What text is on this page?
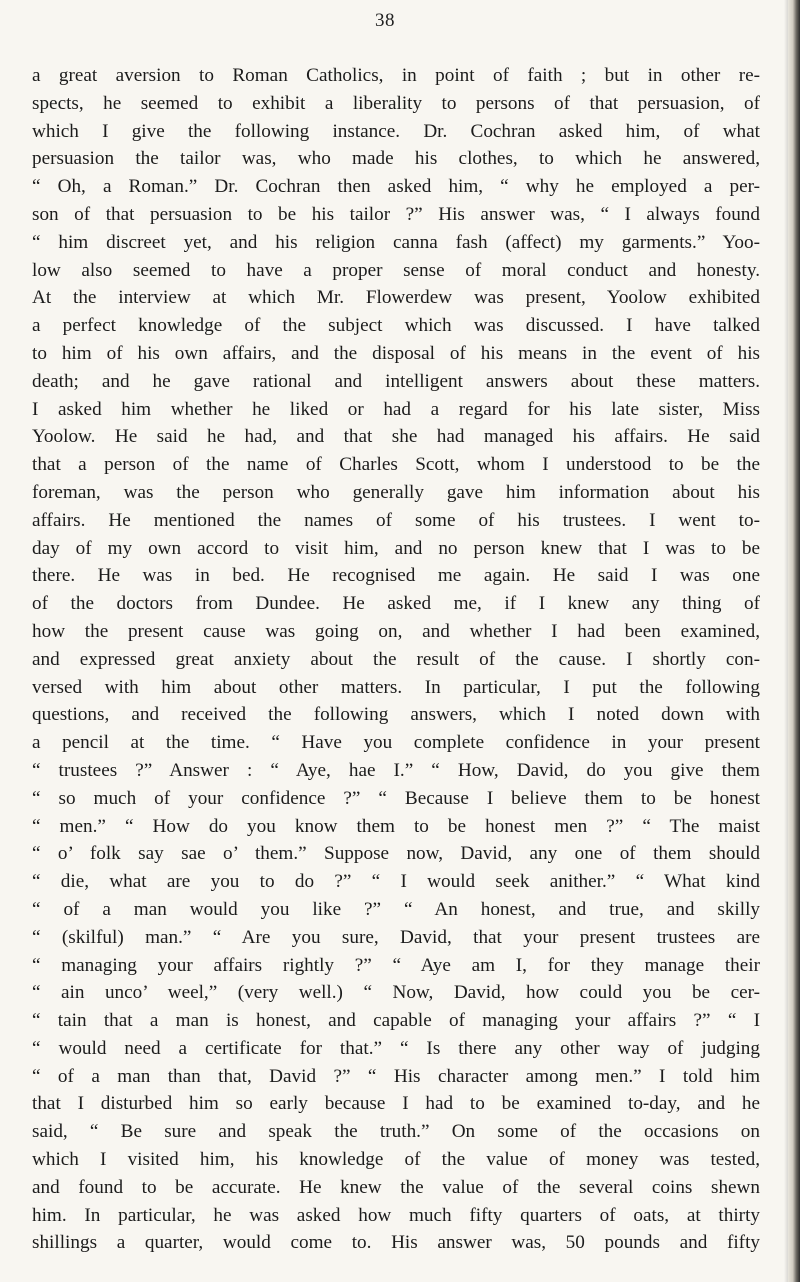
38
a great aversion to Roman Catholics, in point of faith ; but in other re-
spects, he seemed to exhibit a liberality to persons of that persuasion, of
which I give the following instance. Dr. Cochran asked him, of what
persuasion the tailor was, who made his clothes, to which he answered,
“ Oh, a Roman.” Dr. Cochran then asked him, “ why he employed a per-
son of that persuasion to be his tailor ?” His answer was, “ I always found
“ him discreet yet, and his religion canna fash (affect) my garments.” Yoo-
low also seemed to have a proper sense of moral conduct and honesty.
At the interview at which Mr. Flowerdew was present, Yoolow exhibited
a perfect knowledge of the subject which was discussed. I have talked
to him of his own affairs, and the disposal of his means in the event of his
death; and he gave rational and intelligent answers about these matters.
I asked him whether he liked or had a regard for his late sister, Miss
Yoolow. He said he had, and that she had managed his affairs. He said
that a person of the name of Charles Scott, whom I understood to be the
foreman, was the person who generally gave him information about his
affairs. He mentioned the names of some of his trustees. I went to-
day of my own accord to visit him, and no person knew that I was to be
there. He was in bed. He recognised me again. He said I was one
of the doctors from Dundee. He asked me, if I knew any thing of
how the present cause was going on, and whether I had been examined,
and expressed great anxiety about the result of the cause. I shortly con-
versed with him about other matters. In particular, I put the following
questions, and received the following answers, which I noted down with
a pencil at the time. “ Have you complete confidence in your present
“ trustees ?” Answer : “ Aye, hae I.” “ How, David, do you give them
“ so much of your confidence ?” “ Because I believe them to be honest
“ men.” “ How do you know them to be honest men ?” “ The maist
“ o’ folk say sae o’ them.” Suppose now, David, any one of them should
“ die, what are you to do ?” “ I would seek anither.” “ What kind
“ of a man would you like ?” “ An honest, and true, and skilly
“ (skilful) man.” “ Are you sure, David, that your present trustees are
“ managing your affairs rightly ?” “ Aye am I, for they manage their
“ ain unco’ weel,” (very well.) “ Now, David, how could you be cer-
“ tain that a man is honest, and capable of managing your affairs ?” “ I
“ would need a certificate for that.” “ Is there any other way of judging
“ of a man than that, David ?” “ His character among men.” I told him
that I disturbed him so early because I had to be examined to-day, and he
said, “ Be sure and speak the truth.” On some of the occasions on
which I visited him, his knowledge of the value of money was tested,
and found to be accurate. He knew the value of the several coins shewn
him. In particular, he was asked how much fifty quarters of oats, at thirty
shillings a quarter, would come to. His answer was, 50 pounds and fifty
